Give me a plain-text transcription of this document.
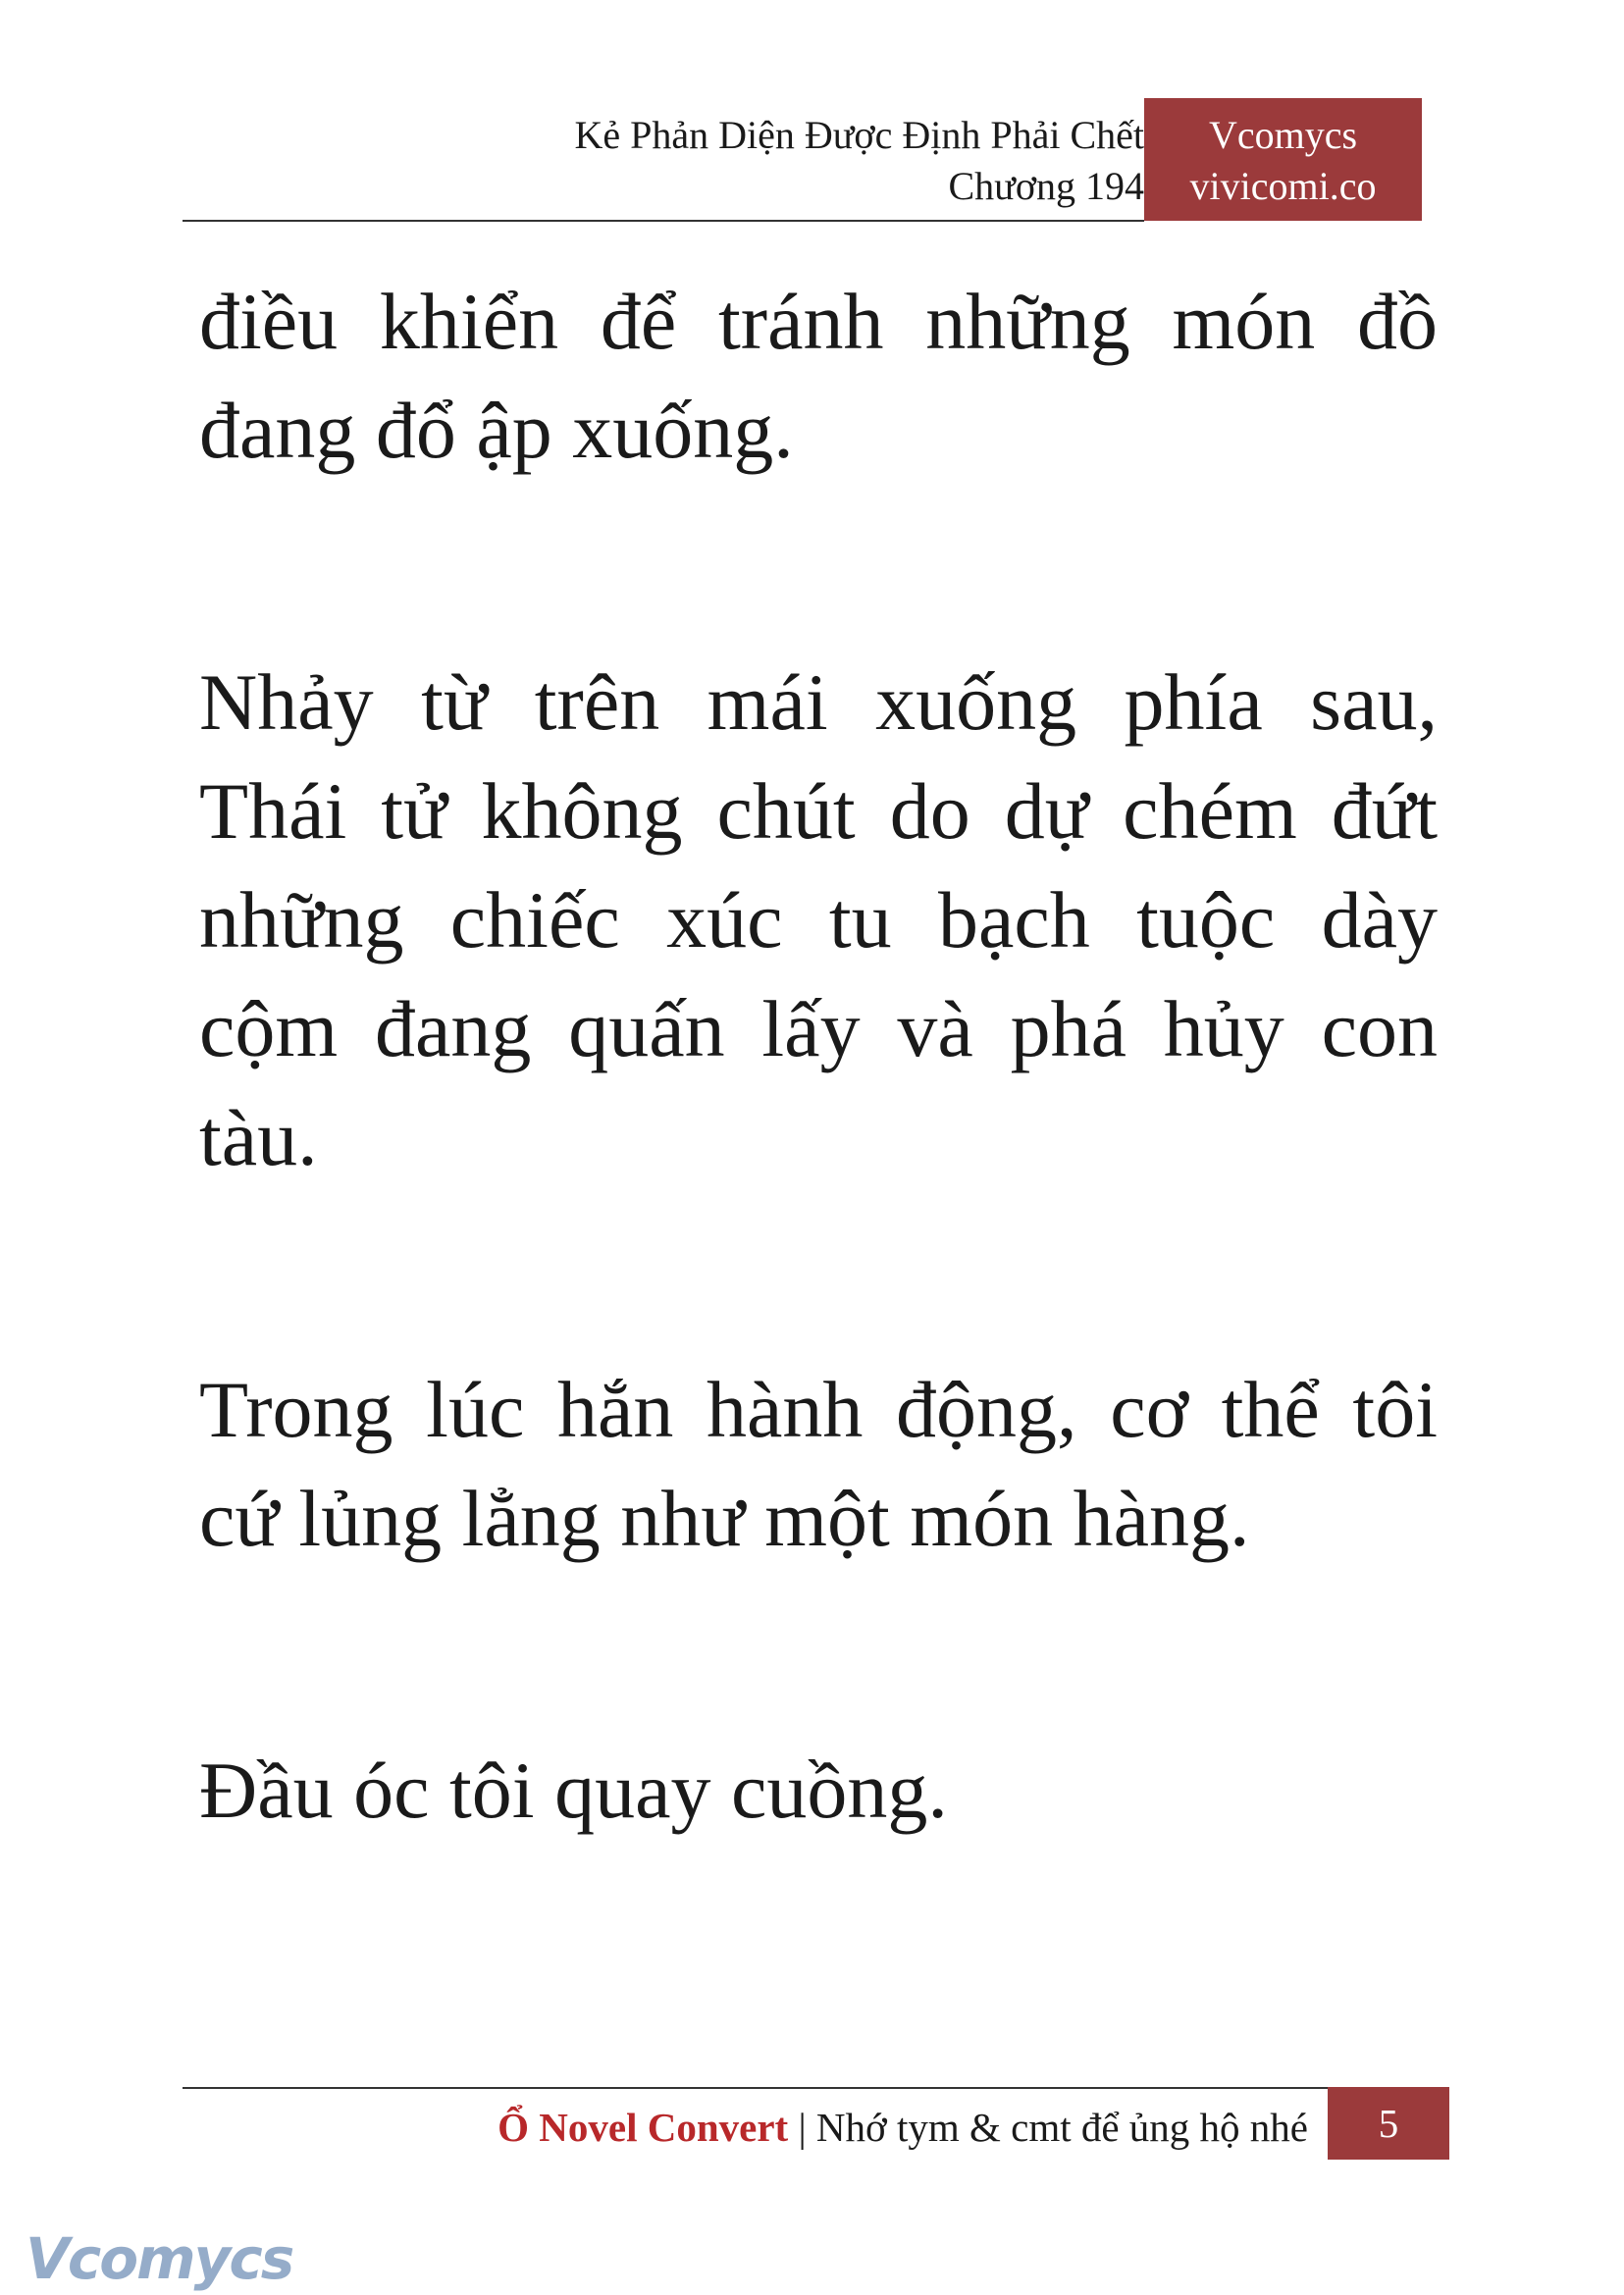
Kẻ Phản Diện Được Định Phải Chết
Chương 194
Vcomycs
vivicomi.co

điều khiển để tránh những món đồ đang đổ ập xuống.

Nhảy từ trên mái xuống phía sau, Thái tử không chút do dự chém đứt những chiếc xúc tu bạch tuộc dày cộm đang quấn lấy và phá hủy con tàu.

Trong lúc hắn hành động, cơ thể tôi cứ lủng lẳng như một món hàng.

Đầu óc tôi quay cuồng.

Ổ Novel Convert | Nhớ tym & cmt để ủng hộ nhé	5
Vcomycs
